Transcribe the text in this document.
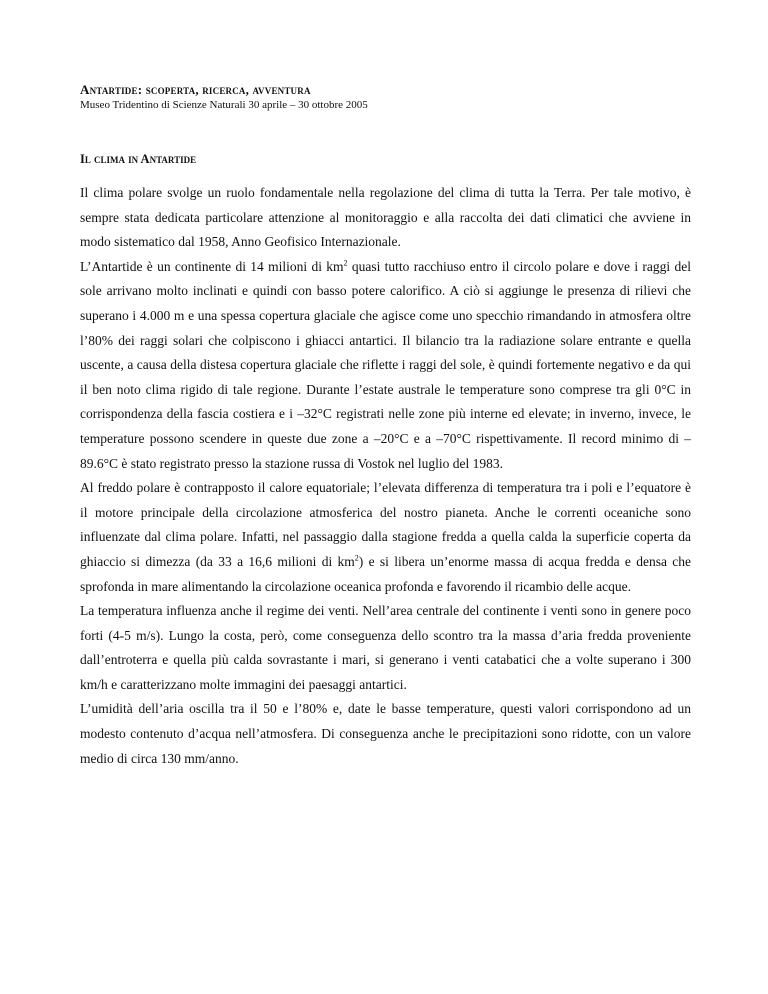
Antartide: scoperta, ricerca, avventura
Museo Tridentino di Scienze Naturali 30 aprile – 30 ottobre 2005
Il clima in Antartide

Il clima polare svolge un ruolo fondamentale nella regolazione del clima di tutta la Terra. Per tale motivo, è sempre stata dedicata particolare attenzione al monitoraggio e alla raccolta dei dati climatici che avviene in modo sistematico dal 1958, Anno Geofisico Internazionale.

L’Antartide è un continente di 14 milioni di $km^2$ quasi tutto racchiuso entro il circolo polare e dove i raggi del sole arrivano molto inclinati e quindi con basso potere calorifico. A ciò si aggiunge le presenza di rilievi che superano i 4.000 m e una spessa copertura glaciale che agisce come uno specchio rimandando in atmosfera oltre l’80% dei raggi solari che colpiscono i ghiacci antartici. Il bilancio tra la radiazione solare entrante e quella uscente, a causa della distesa copertura glaciale che riflette i raggi del sole, è quindi fortemente negativo e da qui il ben noto clima rigido di tale regione. Durante l’estate australe le temperature sono comprese tra gli 0°C in corrispondenza della fascia costiera e i –32°C registrati nelle zone più interne ed elevate; in inverno, invece, le temperature possono scendere in queste due zone a –20°C e a –70°C rispettivamente. Il record minimo di –89.6°C è stato registrato presso la stazione russa di Vostok nel luglio del 1983.

Al freddo polare è contrapposto il calore equatoriale; l’elevata differenza di temperatura tra i poli e l’equatore è il motore principale della circolazione atmosferica del nostro pianeta. Anche le correnti oceaniche sono influenzate dal clima polare. Infatti, nel passaggio dalla stagione fredda a quella calda la superficie coperta da ghiaccio si dimezza (da 33 a 16,6 milioni di $km^2$) e si libera un’enorme massa di acqua fredda e densa che sprofonda in mare alimentando la circolazione oceanica profonda e favorendo il ricambio delle acque.

La temperatura influenza anche il regime dei venti. Nell’area centrale del continente i venti sono in genere poco forti (4-5 m/s). Lungo la costa, però, come conseguenza dello scontro tra la massa d’aria fredda proveniente dall’entroterra e quella più calda sovrastante i mari, si generano i venti catabatici che a volte superano i 300 km/h e caratterizzano molte immagini dei paesaggi antartici.

L’umidità dell’aria oscilla tra il 50 e l’80% e, date le basse temperature, questi valori corrispondono ad un modesto contenuto d’acqua nell’atmosfera. Di conseguenza anche le precipitazioni sono ridotte, con un valore medio di circa 130 mm/anno.
